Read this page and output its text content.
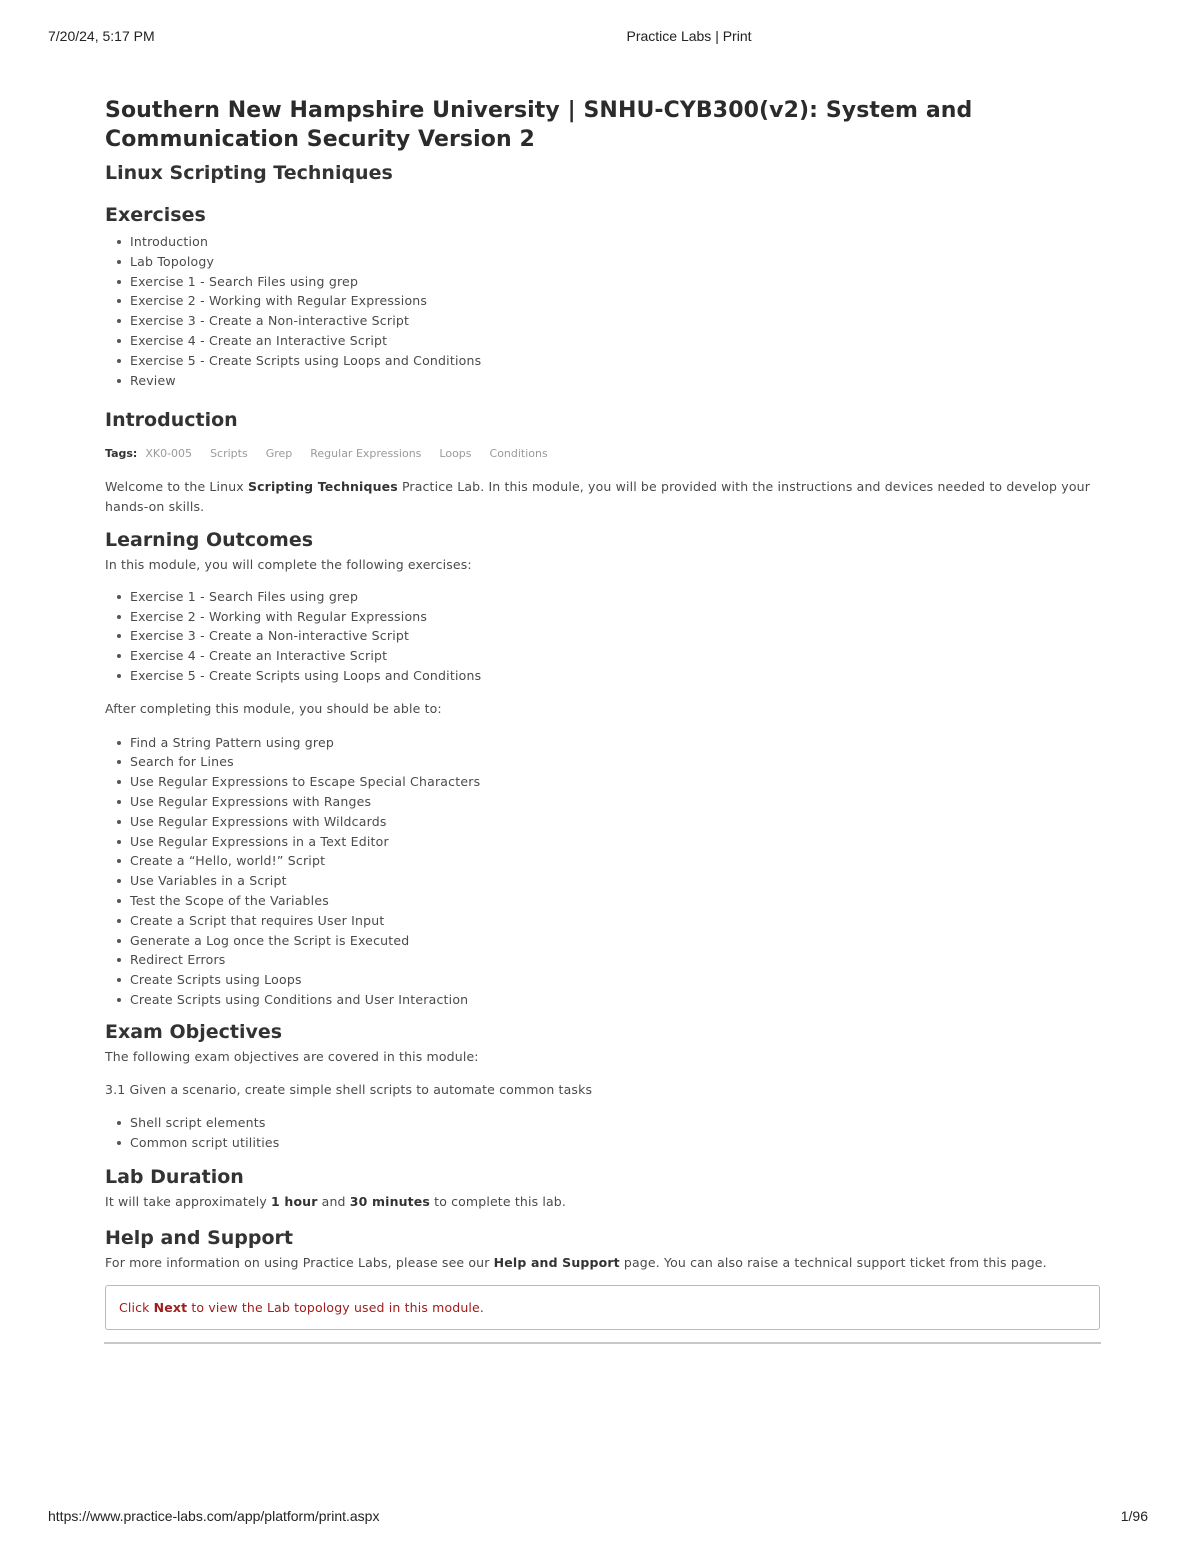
7/20/24, 5:17 PM	Practice Labs | Print
Southern New Hampshire University | SNHU-CYB300(v2): System and Communication Security Version 2
Linux Scripting Techniques
Exercises
Introduction
Lab Topology
Exercise 1 - Search Files using grep
Exercise 2 - Working with Regular Expressions
Exercise 3 - Create a Non-interactive Script
Exercise 4 - Create an Interactive Script
Exercise 5 - Create Scripts using Loops and Conditions
Review
Introduction
Tags: XK0-005 Scripts Grep Regular Expressions Loops Conditions

Welcome to the Linux Scripting Techniques Practice Lab. In this module, you will be provided with the instructions and devices needed to develop your hands-on skills.

Learning Outcomes

In this module, you will complete the following exercises:

Exercise 1 - Search Files using grep
Exercise 2 - Working with Regular Expressions
Exercise 3 - Create a Non-interactive Script
Exercise 4 - Create an Interactive Script
Exercise 5 - Create Scripts using Loops and Conditions

After completing this module, you should be able to:

Find a String Pattern using grep
Search for Lines
Use Regular Expressions to Escape Special Characters
Use Regular Expressions with Ranges
Use Regular Expressions with Wildcards
Use Regular Expressions in a Text Editor
Create a “Hello, world!” Script
Use Variables in a Script
Test the Scope of the Variables
Create a Script that requires User Input
Generate a Log once the Script is Executed
Redirect Errors
Create Scripts using Loops
Create Scripts using Conditions and User Interaction
Exam Objectives

The following exam objectives are covered in this module:

3.1 Given a scenario, create simple shell scripts to automate common tasks

Shell script elements
Common script utilities
Lab Duration

It will take approximately 1 hour and 30 minutes to complete this lab.

Help and Support

For more information on using Practice Labs, please see our Help and Support page. You can also raise a technical support ticket from this page.

Click Next to view the Lab topology used in this module.
https://www.practice-labs.com/app/platform/print.aspx	1/96
